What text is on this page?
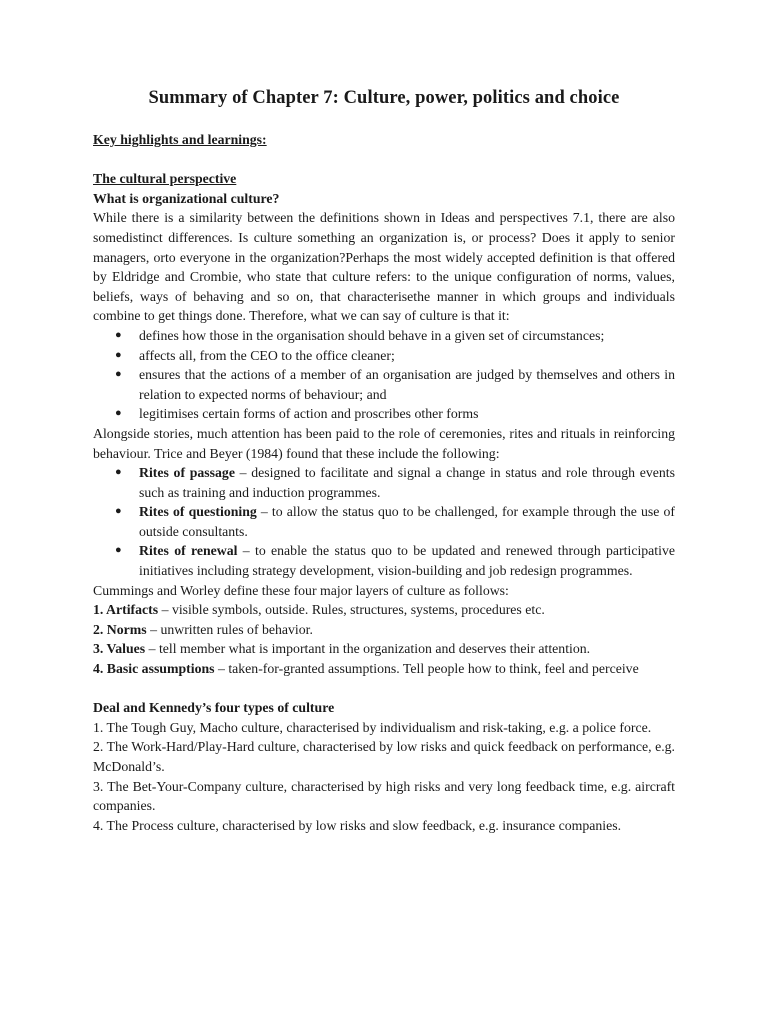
Summary of Chapter 7: Culture, power, politics and choice

Key highlights and learnings:

The cultural perspective

What is organizational culture?

While there is a similarity between the definitions shown in Ideas and perspectives 7.1, there are also somedistinct differences. Is culture something an organization is, or process? Does it apply to senior managers, orto everyone in the organization?Perhaps the most widely accepted definition is that offered by Eldridge and Crombie, who state that culture refers: to the unique configuration of norms, values, beliefs, ways of behaving and so on, that characterisethe manner in which groups and individuals combine to get things done. Therefore, what we can say of culture is that it:

● defines how those in the organisation should behave in a given set of circumstances;
● affects all, from the CEO to the office cleaner;
● ensures that the actions of a member of an organisation are judged by themselves and others in relation to expected norms of behaviour; and
● legitimises certain forms of action and proscribes other forms

Alongside stories, much attention has been paid to the role of ceremonies, rites and rituals in reinforcing behaviour. Trice and Beyer (1984) found that these include the following:

● Rites of passage – designed to facilitate and signal a change in status and role through events such as training and induction programmes.
● Rites of questioning – to allow the status quo to be challenged, for example through the use of outside consultants.
● Rites of renewal – to enable the status quo to be updated and renewed through participative initiatives including strategy development, vision-building and job redesign programmes.

Cummings and Worley define these four major layers of culture as follows:

1. Artifacts – visible symbols, outside. Rules, structures, systems, procedures etc.

2. Norms – unwritten rules of behavior.

3. Values – tell member what is important in the organization and deserves their attention.

4. Basic assumptions – taken-for-granted assumptions. Tell people how to think, feel and perceive

Deal and Kennedy’s four types of culture

1. The Tough Guy, Macho culture, characterised by individualism and risk-taking, e.g. a police force.

2. The Work-Hard/Play-Hard culture, characterised by low risks and quick feedback on performance, e.g. McDonald’s.

3. The Bet-Your-Company culture, characterised by high risks and very long feedback time, e.g. aircraft companies.

4. The Process culture, characterised by low risks and slow feedback, e.g. insurance companies.
